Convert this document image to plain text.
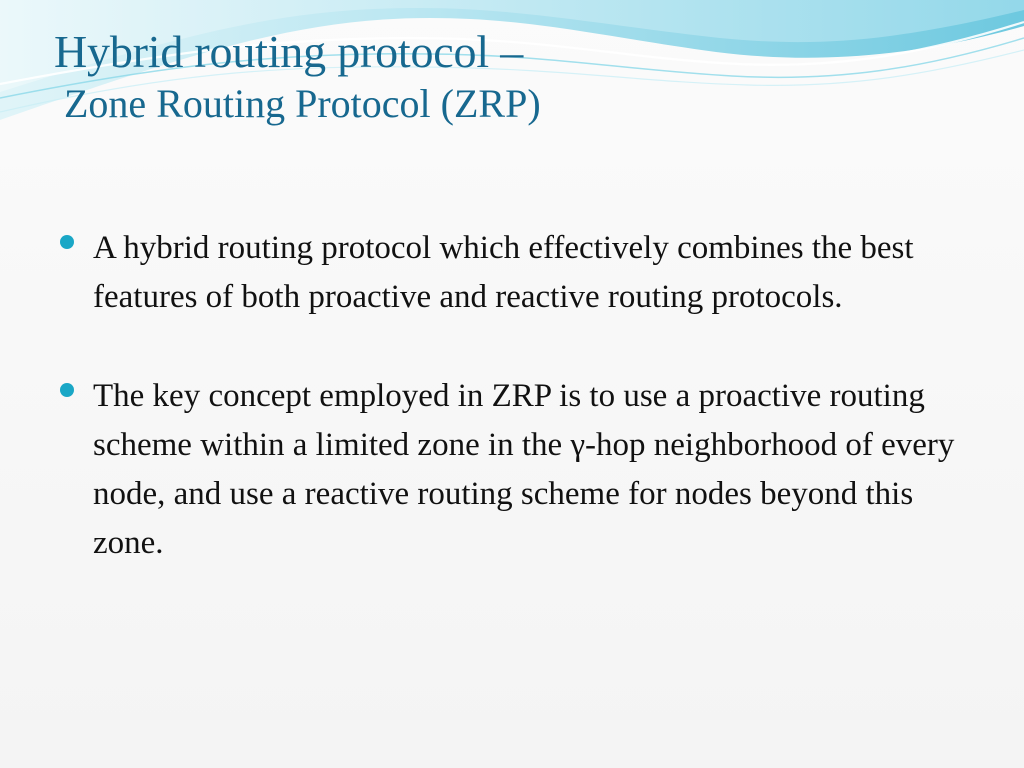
Hybrid routing protocol –
Zone Routing Protocol (ZRP)
A hybrid routing protocol which effectively combines the best features of both proactive and reactive routing protocols.
The key concept employed in ZRP is to use a proactive routing scheme within a limited zone in the γ-hop neighborhood of every node, and use a reactive routing scheme for nodes beyond this zone.
